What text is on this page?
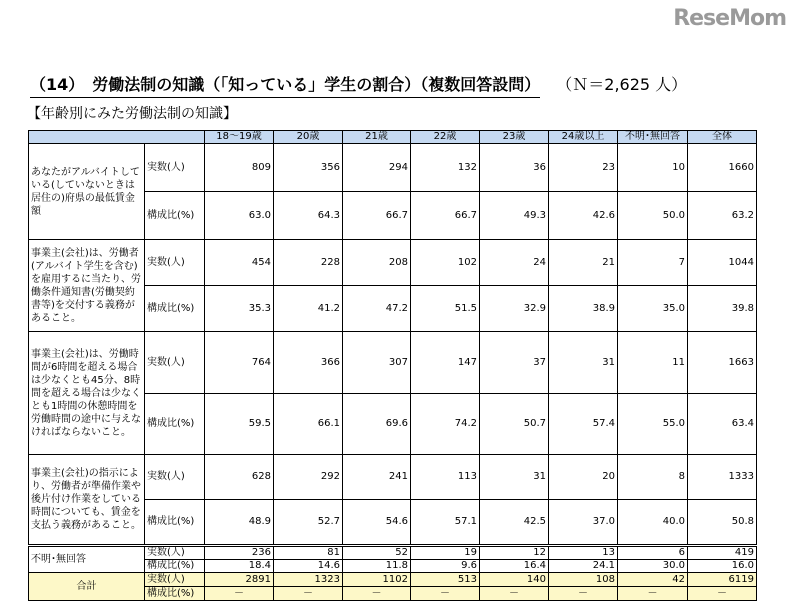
（14）　労働法制の知識（「知っている」学生の割合）（複数回答設問） （Ｎ＝2,625 人）
【年齢別にみた労働法制の知識】
		18～19歳	20歳	21歳	22歳	23歳	24歳以上	不明･無回答	全体
あなたがアルバイトしている(していないときは居住の)府県の最低賃金額	実数(人)	809	356	294	132	36	23	10	1660
	構成比(%)	63.0	64.3	66.7	66.7	49.3	42.6	50.0	63.2
事業主(会社)は、労働者(アルバイト学生を含む)を雇用するに当たり、労働条件通知書(労働契約書等)を交付する義務があること。	実数(人)	454	228	208	102	24	21	7	1044
	構成比(%)	35.3	41.2	47.2	51.5	32.9	38.9	35.0	39.8
事業主(会社)は、労働時間が6時間を超える場合は少なくとも45分、8時間を超える場合は少なくとも1時間の休憩時間を労働時間の途中に与えなければならないこと。	実数(人)	764	366	307	147	37	31	11	1663
	構成比(%)	59.5	66.1	69.6	74.2	50.7	57.4	55.0	63.4
事業主(会社)の指示により、労働者が準備作業や後片付け作業をしている時間についても、賃金を支払う義務があること。	実数(人)	628	292	241	113	31	20	8	1333
	構成比(%)	48.9	52.7	54.6	57.1	42.5	37.0	40.0	50.8

不明･無回答	実数(人)	236	81	52	19	12	13	6	419
	構成比(%)	18.4	14.6	11.8	9.6	16.4	24.1	30.0	16.0
合計	実数(人)	2891	1323	1102	513	140	108	42	6119
	構成比(%)	－	－	－	－	－	－	－	－
ReseMom
